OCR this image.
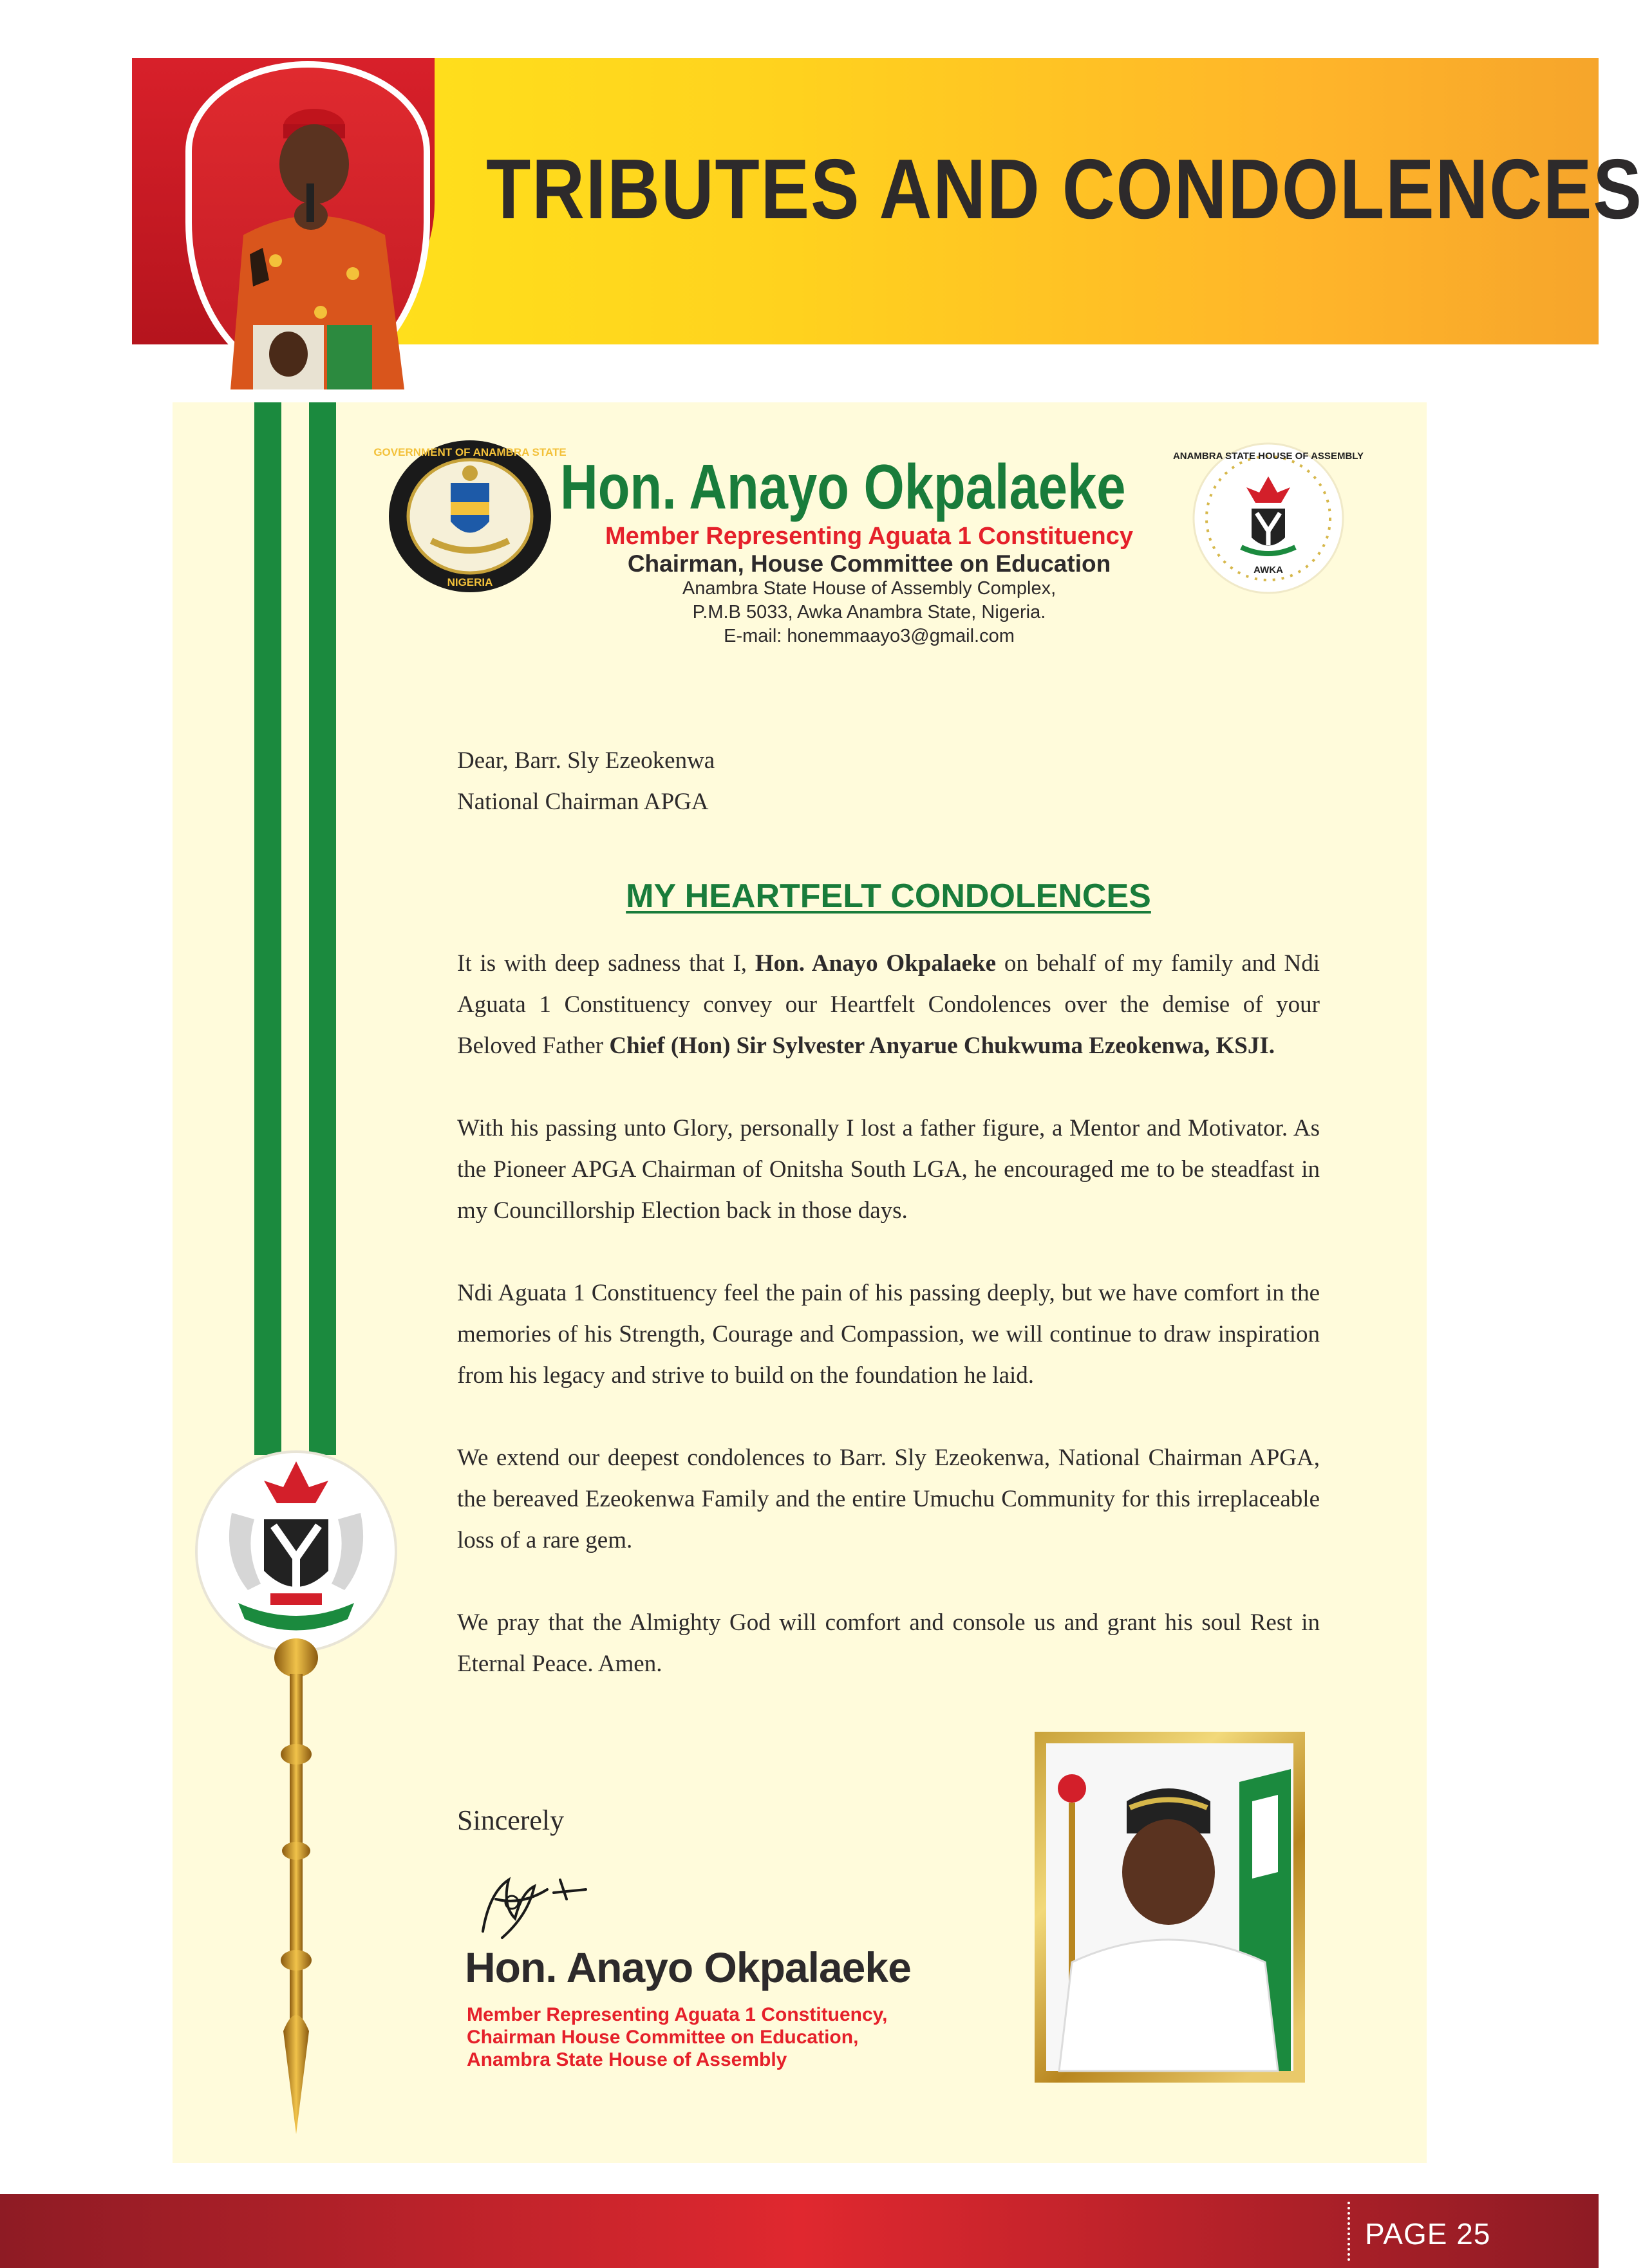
TRIBUTES AND CONDOLENCES
GOVERNMENT OF ANAMBRA STATE
NIGERIA
ANAMBRA STATE HOUSE OF ASSEMBLY
AWKA
Hon. Anayo Okpalaeke
Member Representing Aguata 1 Constituency
Chairman, House Committee on Education
Anambra State House of Assembly Complex,
P.M.B 5033, Awka Anambra State, Nigeria.
E-mail: honemmaayo3@gmail.com
Dear, Barr. Sly Ezeokenwa
National Chairman APGA
MY HEARTFELT CONDOLENCES

It is with deep sadness that I, Hon. Anayo Okpalaeke on behalf of my family and Ndi Aguata 1 Constituency convey our Heartfelt Condolences over the demise of your Beloved Father Chief (Hon) Sir Sylvester Anyarue Chukwuma Ezeokenwa, KSJI.

With his passing unto Glory, personally I lost a father figure, a Mentor and Motivator. As the Pioneer APGA Chairman of Onitsha South LGA, he encouraged me to be steadfast in my Councillorship Election back in those days.

Ndi Aguata 1 Constituency feel the pain of his passing deeply, but we have comfort in the memories of his Strength, Courage and Compassion, we will continue to draw inspiration from his legacy and strive to build on the foundation he laid.

We extend our deepest condolences to Barr. Sly Ezeokenwa, National Chairman APGA, the bereaved Ezeokenwa Family and the entire Umuchu Community for this irreplaceable loss of a rare gem.

We pray that the Almighty God will comfort and console us and grant his soul Rest in Eternal Peace. Amen.

Sincerely
Hon. Anayo Okpalaeke
Member Representing Aguata 1 Constituency,
Chairman House Committee on Education,
Anambra State House of Assembly

PAGE 25
